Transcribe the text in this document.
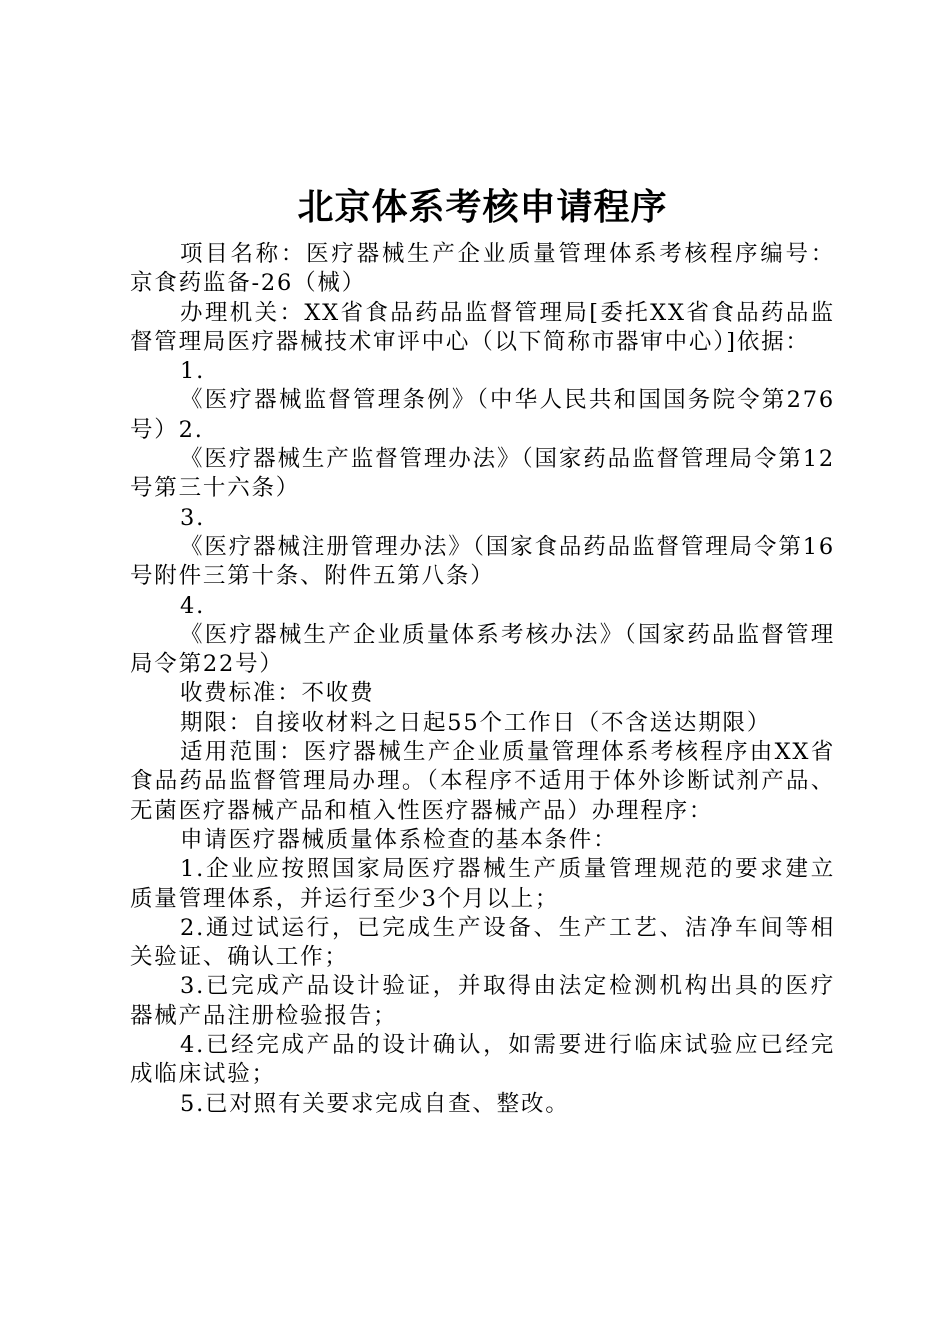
北京体系考核申请程序

项目名称：医疗器械生产企业质量管理体系考核程序编号：京食药监备-26（械）

办理机关：XX省食品药品监督管理局[委托XX省食品药品监督管理局医疗器械技术审评中心（以下简称市器审中心）]依据：

1.

《医疗器械监督管理条例》（中华人民共和国国务院令第276号）2.

《医疗器械生产监督管理办法》（国家药品监督管理局令第12号第三十六条）

3.

《医疗器械注册管理办法》（国家食品药品监督管理局令第16号附件三第十条、附件五第八条）

4.

《医疗器械生产企业质量体系考核办法》（国家药品监督管理局令第22号）

收费标准：不收费

期限：自接收材料之日起55个工作日（不含送达期限）

适用范围：医疗器械生产企业质量管理体系考核程序由XX省食品药品监督管理局办理。（本程序不适用于体外诊断试剂产品、无菌医疗器械产品和植入性医疗器械产品）办理程序：

申请医疗器械质量体系检查的基本条件：

1.企业应按照国家局医疗器械生产质量管理规范的要求建立质量管理体系，并运行至少3个月以上；

2.通过试运行，已完成生产设备、生产工艺、洁净车间等相关验证、确认工作；

3.已完成产品设计验证，并取得由法定检测机构出具的医疗器械产品注册检验报告；

4.已经完成产品的设计确认，如需要进行临床试验应已经完成临床试验；

5.已对照有关要求完成自查、整改。
